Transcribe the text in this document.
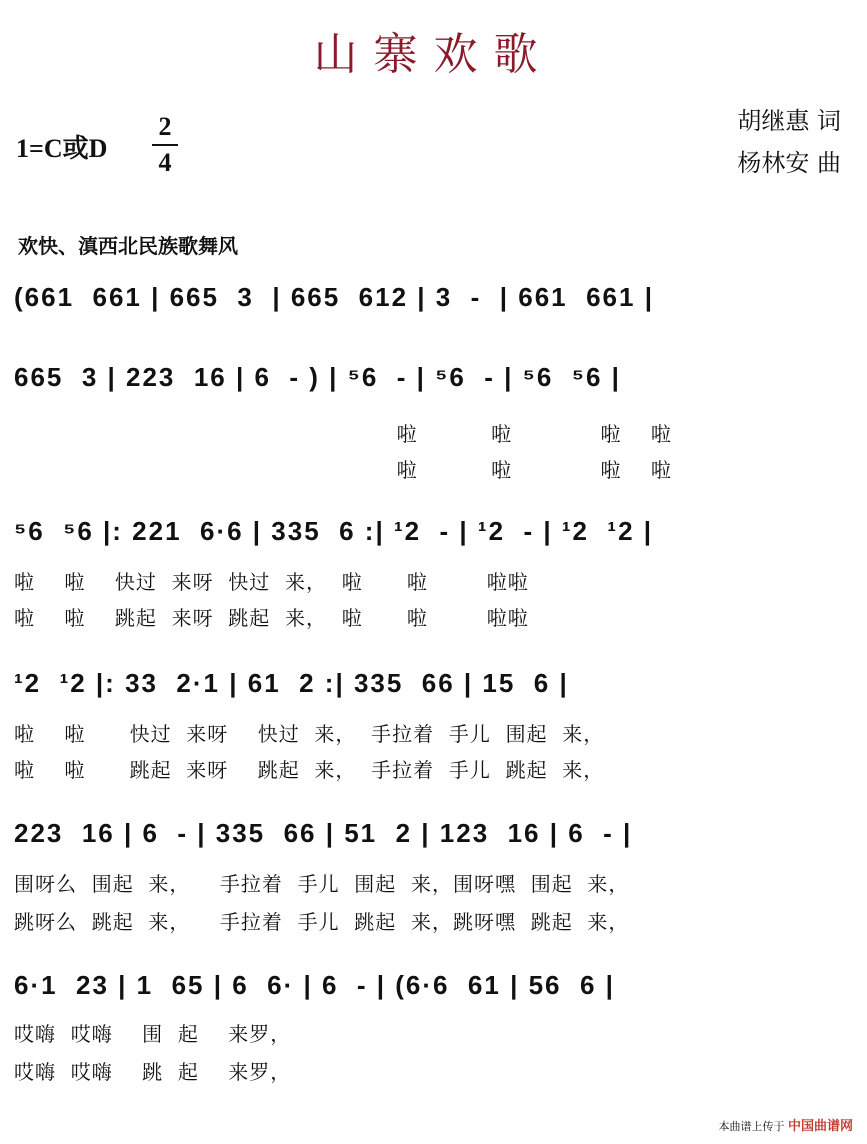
山寨欢歌
1=C或D
2
4
胡继惠 词
杨林安 曲
欢快、滇西北民族歌舞风

(661  661 | 665  3  | 665  612 | 3  -  | 661  661 |

665  3 | 223  16 | 6  - ) | ⁵6  - | ⁵6  - | ⁵6  ⁵6 |

啦          啦            啦    啦
啦          啦            啦    啦

⁵6  ⁵6 |: 221  6·6 | 335  6 :| ¹2  - | ¹2  - | ¹2  ¹2 |

啦    啦    快过  来呀  快过  来，  啦      啦        啦啦
啦    啦    跳起  来呀  跳起  来，  啦      啦        啦啦

¹2  ¹2 |: 33  2·1 | 61  2 :| 335  66 | 15  6 |

啦    啦      快过  来呀    快过  来，  手拉着  手儿  围起  来，
啦    啦      跳起  来呀    跳起  来，  手拉着  手儿  跳起  来，

223  16 | 6  - | 335  66 | 51  2 | 123  16 | 6  - |

围呀么  围起  来，    手拉着  手儿  围起  来，围呀嘿  围起  来，
跳呀么  跳起  来，    手拉着  手儿  跳起  来，跳呀嘿  跳起  来，

6·1  23 | 1  65 | 6  6· | 6  - | (6·6  61 | 56  6 |

哎嗨  哎嗨    围  起    来罗，
哎嗨  哎嗨    跳  起    来罗，
本曲谱上传于 中国曲谱网
